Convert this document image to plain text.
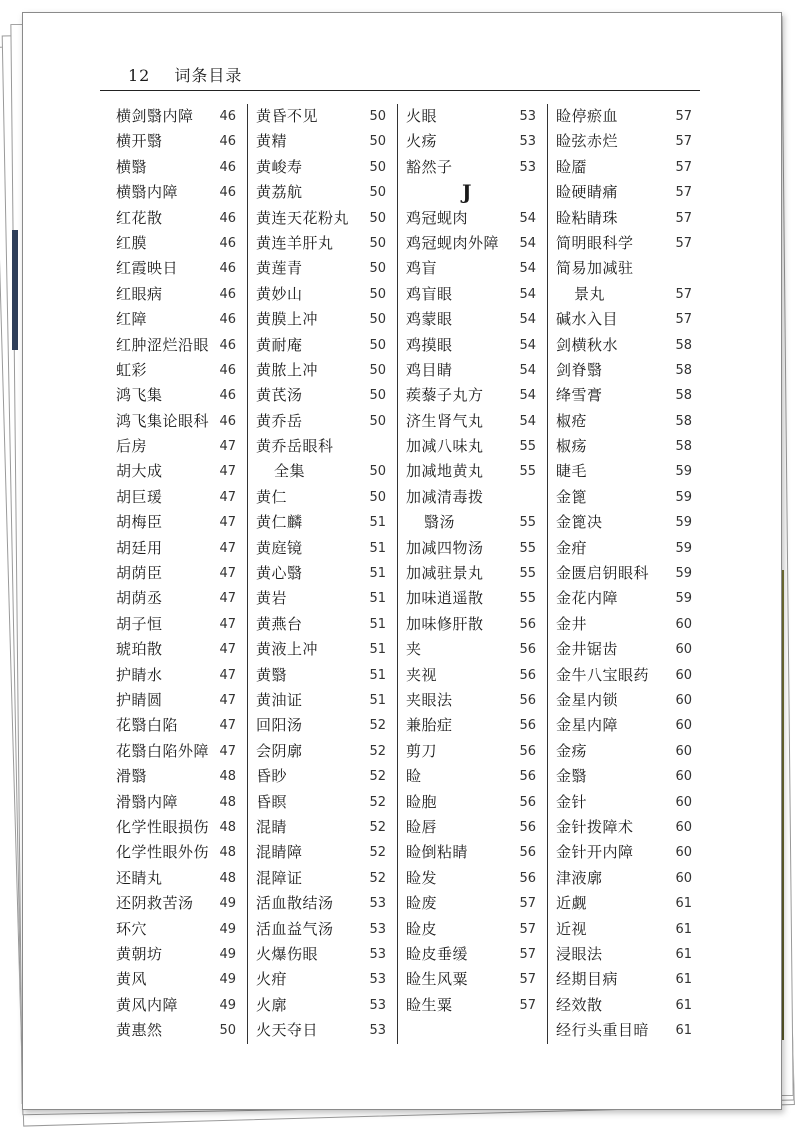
12 词条目录
横剑翳内障 46
横开翳	46
横翳	46
横翳内障	46
红花散	46
红膜	46
红霞映日	46
红眼病	46
红障	46
红肿涩烂沿眼 46
虹彩	46
鸿飞集	46
鸿飞集论眼科 46
后房	47
胡大成	47
胡巨瑗	47
胡梅臣	47
胡廷用	47
胡荫臣	47
胡荫丞	47
胡子恒	47
琥珀散	47
护睛水	47
护睛圆	47
花翳白陷	47
花翳白陷外障 47
滑翳	48
滑翳内障	48
化学性眼损伤 48
化学性眼外伤 48
还睛丸	48
还阴救苦汤 49
环穴	49
黄朝坊	49
黄风	49
黄风内障	49
黄惠然	50
黄昏不见	50
黄精	50
黄峻寿	50
黄荔航	50
黄连天花粉丸 50
黄连羊肝丸	50
黄莲青	50
黄妙山	50
黄膜上冲	50
黄耐庵	50
黄脓上冲	50
黄芪汤	50
黄乔岳	50
黄乔岳眼科
全集	50
黄仁	50
黄仁麟	51
黄庭镜	51
黄心翳	51
黄岩	51
黄燕台	51
黄液上冲	51
黄翳	51
黄油证	51
回阳汤	52
会阴廓	52
昏眇	52
昏瞑	52
混睛	52
混睛障	52
混障证	52
活血散结汤	53
活血益气汤	53
火爆伤眼	53
火疳	53
火廓	53
火天夺日	53
火眼	53
火疡	53
豁然子	53
J
鸡冠蚬肉	54
鸡冠蚬肉外障 54
鸡盲	54
鸡盲眼	54
鸡蒙眼	54
鸡摸眼	54
鸡目睛	54
蒺藜子丸方	54
济生肾气丸	54
加减八味丸	55
加减地黄丸	55
加减清毒拨
翳汤	55
加减四物汤	55
加减驻景丸	55
加味逍遥散	55
加味修肝散	56
夹	56
夹视	56
夹眼法	56
兼胎症	56
剪刀	56
睑	56
睑胞	56
睑唇	56
睑倒粘睛	56
睑发	56
睑废	57
睑皮	57
睑皮垂缓	57
睑生风粟	57
睑生粟	57
睑停瘀血	57
睑弦赤烂	57
睑靥	57
睑硬睛痛	57
睑粘睛珠	57
简明眼科学	57
简易加减驻
景丸	57
碱水入目	57
剑横秋水	58
剑脊翳	58
绛雪膏	58
椒疮	58
椒疡	58
睫毛	59
金篦	59
金篦决	59
金疳	59
金匮启钥眼科 59
金花内障	59
金井	60
金井锯齿	60
金牛八宝眼药 60
金星内锁	60
金星内障	60
金疡	60
金翳	60
金针	60
金针拨障术	60
金针开内障	60
津液廓	60
近觑	61
近视	61
浸眼法	61
经期目病	61
经效散	61
经行头重目暗 61
